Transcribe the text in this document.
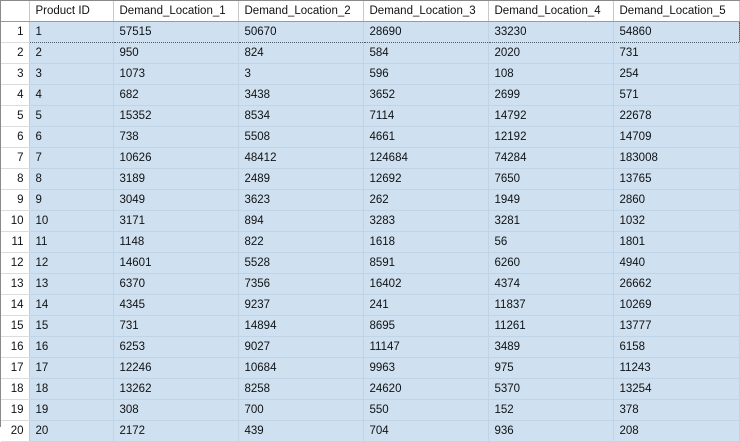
	Product ID	Demand_Location_1	Demand_Location_2	Demand_Location_3	Demand_Location_4	Demand_Location_5
1	1	57515	50670	28690	33230	54860
2	2	950	824	584	2020	731
3	3	1073	3	596	108	254
4	4	682	3438	3652	2699	571
5	5	15352	8534	7114	14792	22678
6	6	738	5508	4661	12192	14709
7	7	10626	48412	124684	74284	183008
8	8	3189	2489	12692	7650	13765
9	9	3049	3623	262	1949	2860
10	10	3171	894	3283	3281	1032
11	11	1148	822	1618	56	1801
12	12	14601	5528	8591	6260	4940
13	13	6370	7356	16402	4374	26662
14	14	4345	9237	241	11837	10269
15	15	731	14894	8695	11261	13777
16	16	6253	9027	11147	3489	6158
17	17	12246	10684	9963	975	11243
18	18	13262	8258	24620	5370	13254
19	19	308	700	550	152	378
20	20	2172	439	704	936	208
